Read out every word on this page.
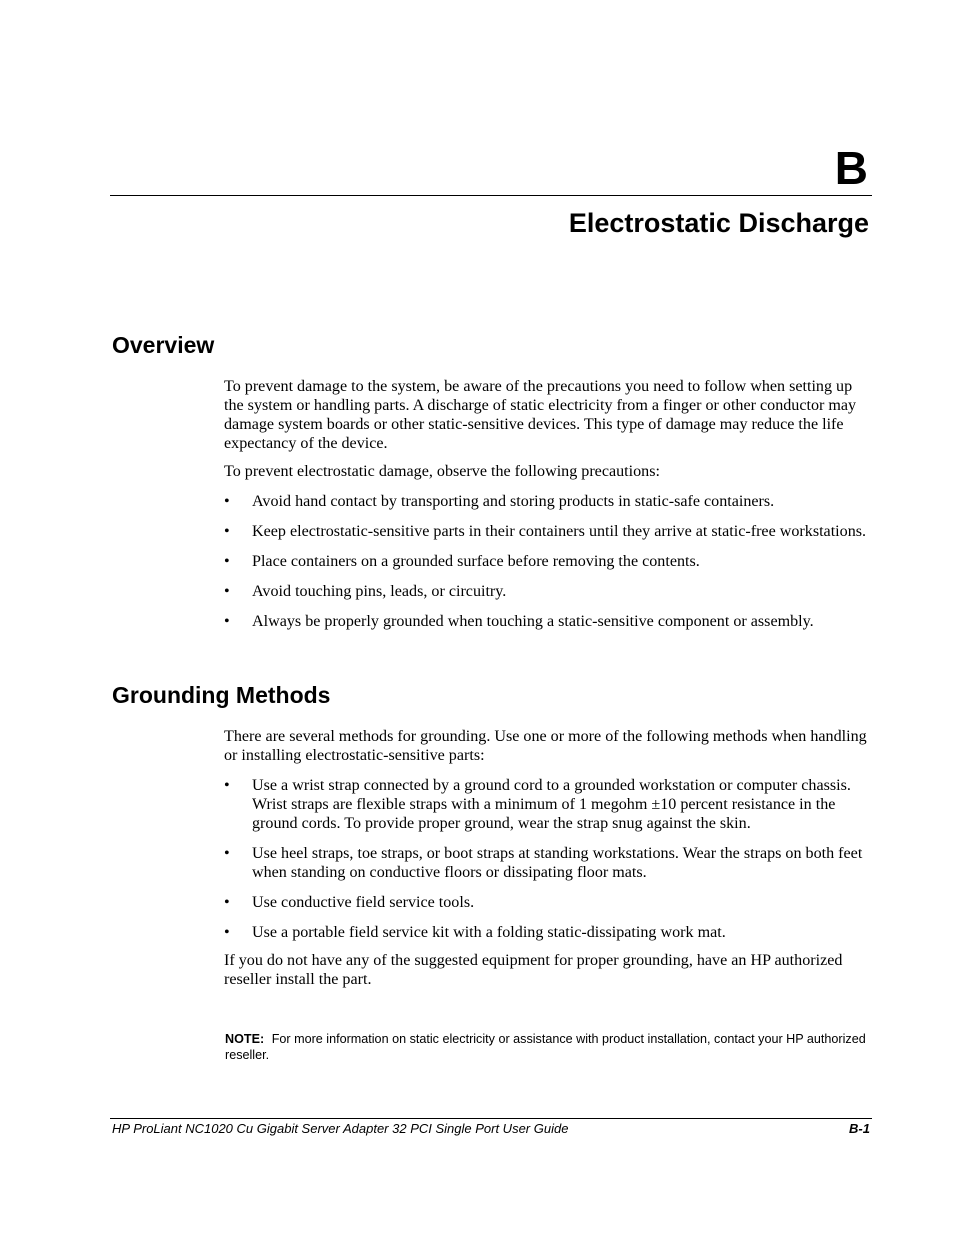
B
Electrostatic Discharge
Overview

To prevent damage to the system, be aware of the precautions you need to follow when setting up the system or handling parts. A discharge of static electricity from a finger or other conductor may damage system boards or other static-sensitive devices. This type of damage may reduce the life expectancy of the device.

To prevent electrostatic damage, observe the following precautions:

• Avoid hand contact by transporting and storing products in static-safe containers.
• Keep electrostatic-sensitive parts in their containers until they arrive at static-free workstations.
• Place containers on a grounded surface before removing the contents.
• Avoid touching pins, leads, or circuitry.
• Always be properly grounded when touching a static-sensitive component or assembly.
Grounding Methods

There are several methods for grounding. Use one or more of the following methods when handling or installing electrostatic-sensitive parts:

• Use a wrist strap connected by a ground cord to a grounded workstation or computer chassis. Wrist straps are flexible straps with a minimum of 1 megohm ±10 percent resistance in the ground cords. To provide proper ground, wear the strap snug against the skin.
• Use heel straps, toe straps, or boot straps at standing workstations. Wear the straps on both feet when standing on conductive floors or dissipating floor mats.
• Use conductive field service tools.
• Use a portable field service kit with a folding static-dissipating work mat.

If you do not have any of the suggested equipment for proper grounding, have an HP authorized reseller install the part.

NOTE: For more information on static electricity or assistance with product installation, contact your HP authorized reseller.
HP ProLiant NC1020 Cu Gigabit Server Adapter 32 PCI Single Port User Guide	B-1
